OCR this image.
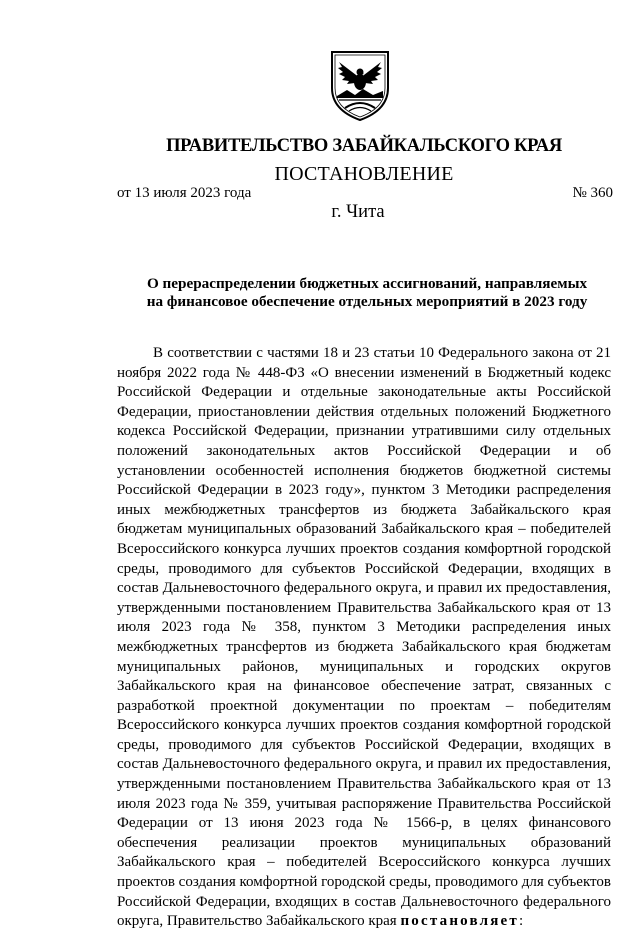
ПРАВИТЕЛЬСТВО ЗАБАЙКАЛЬСКОГО КРАЯ
ПОСТАНОВЛЕНИЕ
от 13 июля 2023 года	№ 360
г. Чита
О перераспределении бюджетных ассигнований, направляемых
на финансовое обеспечение отдельных мероприятий в 2023 году
В соответствии с частями 18 и 23 статьи 10 Федерального закона от 21 ноября 2022 года № 448-ФЗ «О внесении изменений в Бюджетный кодекс Российской Федерации и отдельные законодательные акты Российской Федерации, приостановлении действия отдельных положений Бюджетного кодекса Российской Федерации, признании утратившими силу отдельных положений законодательных актов Российской Федерации и об установлении особенностей исполнения бюджетов бюджетной системы Российской Федерации в 2023 году», пунктом 3 Методики распределения иных межбюджетных трансфертов из бюджета Забайкальского края бюджетам муниципальных образований Забайкальского края – победителей Всероссийского конкурса лучших проектов создания комфортной городской среды, проводимого для субъектов Российской Федерации, входящих в состав Дальневосточного федерального округа, и правил их предоставления, утвержденными постановлением Правительства Забайкальского края от 13 июля 2023 года № 358, пунктом 3 Методики распределения иных межбюджетных трансфертов из бюджета Забайкальского края бюджетам муниципальных районов, муниципальных и городских округов Забайкальского края на финансовое обеспечение затрат, связанных с разработкой проектной документации по проектам – победителям Всероссийского конкурса лучших проектов создания комфортной городской среды, проводимого для субъектов Российской Федерации, входящих в состав Дальневосточного федерального округа, и правил их предоставления, утвержденными постановлением Правительства Забайкальского края от 13 июля 2023 года № 359, учитывая распоряжение Правительства Российской Федерации от 13 июня 2023 года № 1566-р, в целях финансового обеспечения реализации проектов муниципальных образований Забайкальского края – победителей Всероссийского конкурса лучших проектов создания комфортной городской среды, проводимого для субъектов Российской Федерации, входящих в состав Дальневосточного федерального округа, Правительство Забайкальского края постановляет:
